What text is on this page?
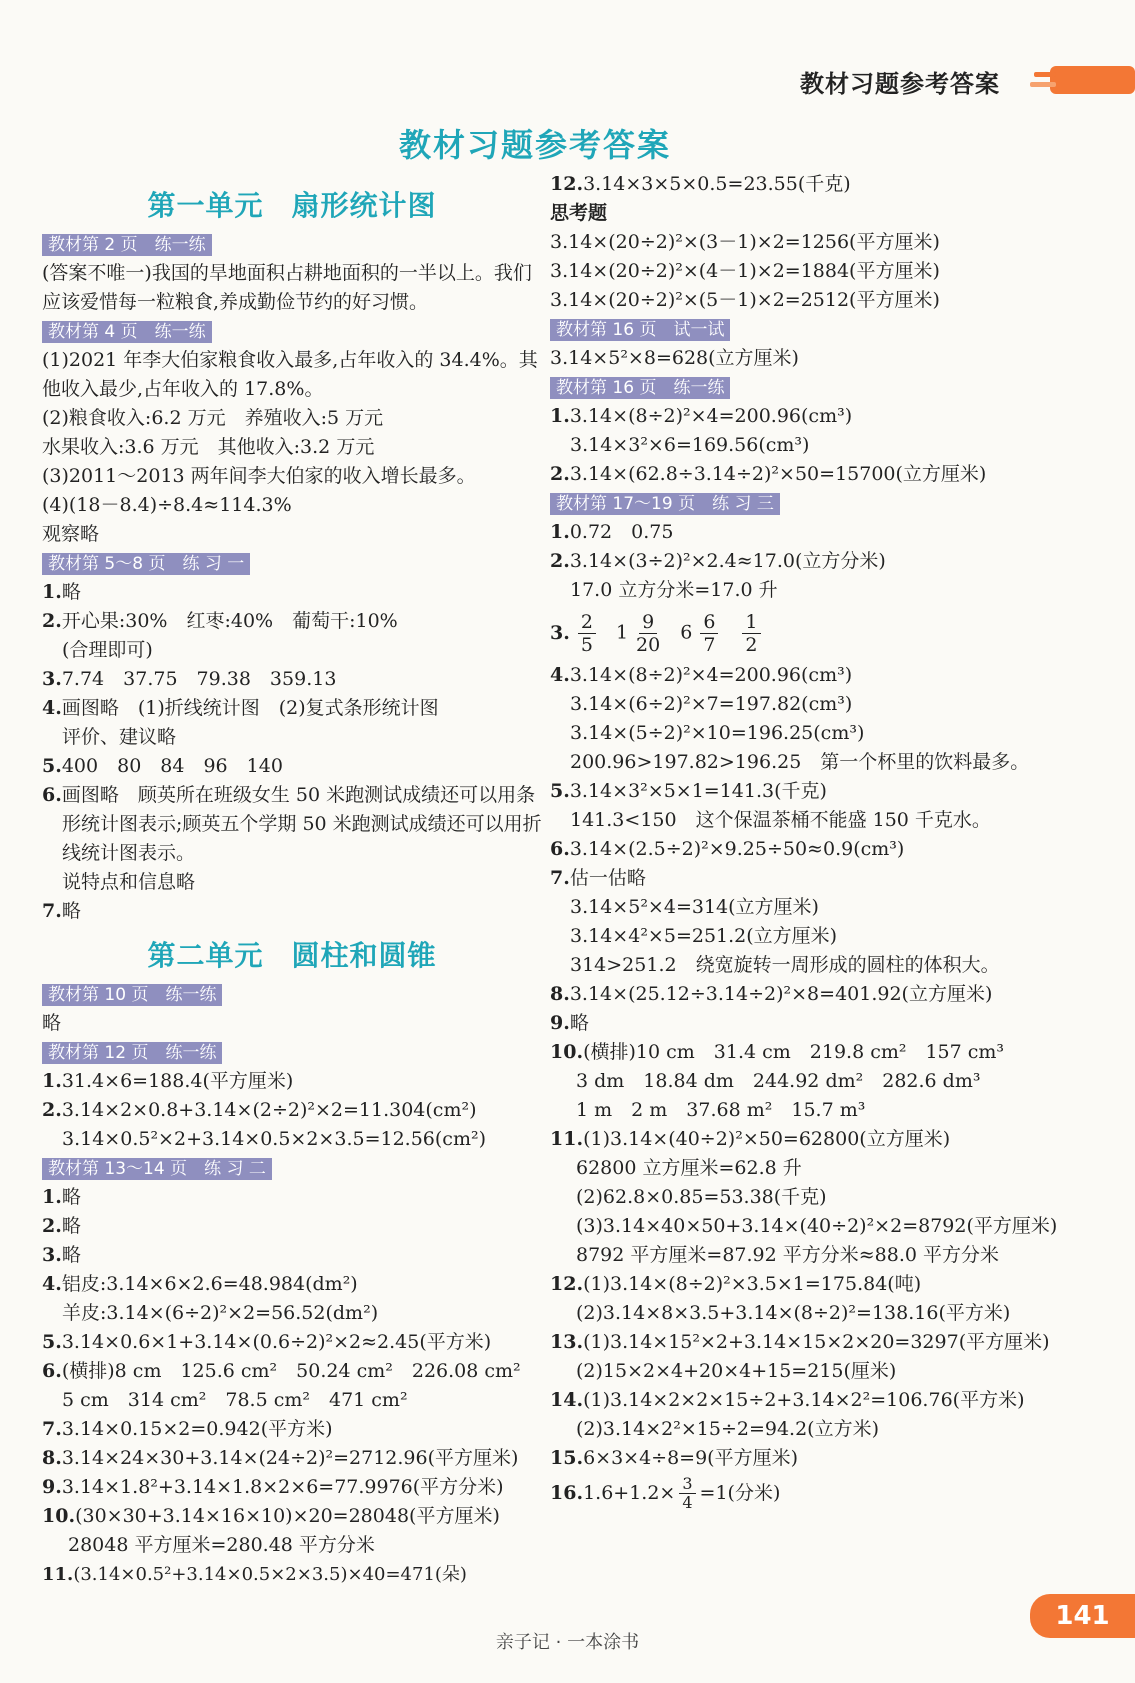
教材习题参考答案
教材习题参考答案
第一单元 扇形统计图
教材第 2 页　练一练
(答案不唯一)我国的旱地面积占耕地面积的一半以上。我们应该爱惜每一粒粮食,养成勤俭节约的好习惯。
教材第 4 页　练一练
(1)2021 年李大伯家粮食收入最多,占年收入的 34.4%。其他收入最少,占年收入的 17.8%。
(2)粮食收入:6.2 万元　养殖收入:5 万元
水果收入:3.6 万元　其他收入:3.2 万元
(3)2011～2013 两年间李大伯家的收入增长最多。
(4)(18－8.4)÷8.4≈114.3%
观察略
教材第 5～8 页　练 习 一
1.略
2.开心果:30%　红枣:40%　葡萄干:10%
(合理即可)
3.7.74　37.75　79.38　359.13
4.画图略　(1)折线统计图　(2)复式条形统计图
评价、建议略
5.400　80　84　96　140
6.画图略　顾英所在班级女生 50 米跑测试成绩还可以用条形统计图表示;顾英五个学期 50 米跑测试成绩还可以用折线统计图表示。
说特点和信息略
7.略
第二单元 圆柱和圆锥
教材第 10 页　练一练
略
教材第 12 页　练一练
1.31.4×6=188.4(平方厘米)
2.3.14×2×0.8+3.14×(2÷2)²×2=11.304(cm²)
3.14×0.5²×2+3.14×0.5×2×3.5=12.56(cm²)
教材第 13～14 页　练 习 二
1.略
2.略
3.略
4.铝皮:3.14×6×2.6=48.984(dm²)
羊皮:3.14×(6÷2)²×2=56.52(dm²)
5.3.14×0.6×1+3.14×(0.6÷2)²×2≈2.45(平方米)
6.(横排)8 cm　125.6 cm²　50.24 cm²　226.08 cm²
5 cm　314 cm²　78.5 cm²　471 cm²
7.3.14×0.15×2=0.942(平方米)
8.3.14×24×30+3.14×(24÷2)²=2712.96(平方厘米)
9.3.14×1.8²+3.14×1.8×2×6=77.9976(平方分米)
10.(30×30+3.14×16×10)×20=28048(平方厘米)
28048 平方厘米=280.48 平方分米
11.(3.14×0.5²+3.14×0.5×2×3.5)×40=471(朵)
12.3.14×3×5×0.5=23.55(千克)
思考题
3.14×(20÷2)²×(3－1)×2=1256(平方厘米)
3.14×(20÷2)²×(4－1)×2=1884(平方厘米)
3.14×(20÷2)²×(5－1)×2=2512(平方厘米)
教材第 16 页　试一试
3.14×5²×8=628(立方厘米)
教材第 16 页　练一练
1.3.14×(8÷2)²×4=200.96(cm³)
3.14×3²×6=169.56(cm³)
2.3.14×(62.8÷3.14÷2)²×50=15700(立方厘米)
教材第 17～19 页　练 习 三
1.0.72　0.75
2.3.14×(3÷2)²×2.4≈17.0(立方分米)
17.0 立方分米=17.0 升
3. $\frac{2}{5} 1 \frac{9}{20} 6 \frac{6}{7} \frac{1}{2}$
4.3.14×(8÷2)²×4=200.96(cm³)
3.14×(6÷2)²×7=197.82(cm³)
3.14×(5÷2)²×10=196.25(cm³)
200.96>197.82>196.25　第一个杯里的饮料最多。
5.3.14×3²×5×1=141.3(千克)
141.3<150　这个保温茶桶不能盛 150 千克水。
6.3.14×(2.5÷2)²×9.25÷50≈0.9(cm³)
7.估一估略
3.14×5²×4=314(立方厘米)
3.14×4²×5=251.2(立方厘米)
314>251.2　绕宽旋转一周形成的圆柱的体积大。
8.3.14×(25.12÷3.14÷2)²×8=401.92(立方厘米)
9.略
10.(横排)10 cm　31.4 cm　219.8 cm²　157 cm³
3 dm　18.84 dm　244.92 dm²　282.6 dm³
1 m　2 m　37.68 m²　15.7 m³
11.(1)3.14×(40÷2)²×50=62800(立方厘米)
62800 立方厘米=62.8 升
(2)62.8×0.85=53.38(千克)
(3)3.14×40×50+3.14×(40÷2)²×2=8792(平方厘米)
8792 平方厘米=87.92 平方分米≈88.0 平方分米
12.(1)3.14×(8÷2)²×3.5×1=175.84(吨)
(2)3.14×8×3.5+3.14×(8÷2)²=138.16(平方米)
13.(1)3.14×15²×2+3.14×15×2×20=3297(平方厘米)
(2)15×2×4+20×4+15=215(厘米)
14.(1)3.14×2×2×15÷2+3.14×2²=106.76(平方米)
(2)3.14×2²×15÷2=94.2(立方米)
15.6×3×4÷8=9(平方厘米)
16. $1.6+1.2\times \frac{3}{4} =1$(分米)
亲子记 · 一本涂书
141
